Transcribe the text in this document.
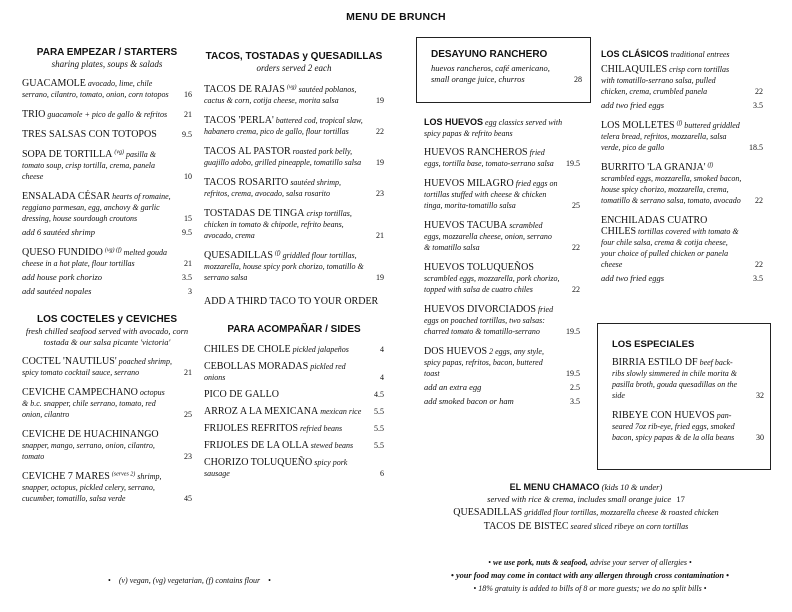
MENU DE BRUNCH
PARA EMPEZAR / STARTERS
sharing plates, soups & salads
GUACAMOLE avocado, lime, chile serrano, cilantro, tomato, onion, corn totopos 16
TRIO guacamole + pico de gallo & refritos 21
TRES SALSAS CON TOTOPOS	9.5
SOPA DE TORTILLA $^{(vg)}$ pasilla & tomato soup, crisp tortilla, crema, panela cheese	10
ENSALADA CÉSAR hearts of romaine, reggiano parmesan, egg, anchovy & garlic dressing, house sourdough croutons	15
add 6 sautéed shrimp	9.5
QUESO FUNDIDO $^{(vg) (f)}$ melted gouda cheese in a hot plate, flour tortillas	21
add house pork chorizo	3.5
add sautéed nopales	3
LOS COCTELES y CEVICHES
fresh chilled seafood served with avocado, corn tostada & our salsa picante 'victoria'
COCTEL 'NAUTILUS' poached shrimp, spicy tomato cocktail sauce, serrano	21
CEVICHE CAMPECHANO octopus & b.c. snapper, chile serrano, tomato, red onion, cilantro	25
CEVICHE DE HUACHINANGO snapper, mango, serrano, onion, cilantro, tomato	23
CEVICHE 7 MARES $^{(serves 2)}$ shrimp, snapper, octopus, pickled celery, serrano, cucumber, tomatillo, salsa verde	45
TACOS, TOSTADAS y QUESADILLAS
orders served 2 each
TACOS DE RAJAS $^{(vg)}$ sautéed poblanos, cactus & corn, cotija cheese, morita salsa	19
TACOS 'PERLA' battered cod, tropical slaw, habanero crema, pico de gallo, flour tortillas	22
TACOS AL PASTOR roasted pork belly, guajillo adobo, grilled pineapple, tomatillo salsa 19
TACOS ROSARITO sautéed shrimp, refritos, crema, avocado, salsa rosarito	23
TOSTADAS DE TINGA crisp tortillas, chicken in tomato & chipotle, refrito beans, avocado, crema	21
QUESADILLAS $^{(f)}$ griddled flour tortillas, mozzarella, house spicy pork chorizo, tomatillo & serrano salsa	19
ADD A THIRD TACO TO YOUR ORDER
PARA ACOMPAÑAR / SIDES
CHILES DE CHOLE pickled jalapeños	4
CEBOLLAS MORADAS pickled red onions	4
PICO DE GALLO	4.5
ARROZ A LA MEXICANA mexican rice 5.5
FRIJOLES REFRITOS refried beans	5.5
FRIJOLES DE LA OLLA stewed beans	5.5
CHORIZO TOLUQUEÑO spicy pork sausage	6
DESAYUNO RANCHERO
huevos rancheros, café americano, small orange juice, churros	28
LOS HUEVOS egg classics served with spicy papas & refrito beans
HUEVOS RANCHEROS fried eggs, tortilla base, tomato-serrano salsa 19.5
HUEVOS MILAGRO fried eggs on tortillas stuffed with cheese & chicken tinga, morita-tomatillo salsa	25
HUEVOS TACUBA scrambled eggs, mozzarella cheese, onion, serrano & tomatillo salsa	22
HUEVOS TOLUQUEÑOS scrambled eggs, mozzarella, pork chorizo, topped with salsa de cuatro chiles	22
HUEVOS DIVORCIADOS fried eggs on poached tortillas, two salsas: charred tomato & tomatillo-serrano	19.5
DOS HUEVOS 2 eggs, any style, spicy papas, refritos, bacon, buttered toast	19.5
add an extra egg	2.5
add smoked bacon or ham	3.5
LOS CLÁSICOS traditional entrees
CHILAQUILES crisp corn tortillas with tomatillo-serrano salsa, pulled chicken, crema, crumbled panela	22
add two fried eggs	3.5
LOS MOLLETES $^{(f)}$ buttered griddled telera bread, refritos, mozzarella, salsa verde, pico de gallo	18.5
BURRITO 'LA GRANJA' $^{(f)}$ scrambled eggs, mozzarella, smoked bacon, house spicy chorizo, mozzarella, crema, tomatillo & serrano salsa, tomato, avocado 22
ENCHILADAS CUATRO CHILES tortillas covered with tomato & four chile salsa, crema & cotija cheese, your choice of pulled chicken or panela cheese	22
add two fried eggs	3.5
LOS ESPECIALES
BIRRIA ESTILO DF beef back-ribs slowly simmered in chile morita & pasilla broth, gouda quesadillas on the side	32
RIBEYE CON HUEVOS pan-seared 7oz rib-eye, fried eggs, smoked bacon, spicy papas & de la olla beans	30
EL MENU CHAMACO (kids 10 & under)
served with rice & crema, includes small orange juice 17
QUESADILLAS griddled flour tortillas, mozzarella cheese & roasted chicken
TACOS DE BISTEC seared sliced ribeye on corn tortillas
• (v) vegan, (vg) vegetarian, (f) contains flour •
• we use pork, nuts & seafood, advise your server of allergies •
• your food may come in contact with any allergen through cross contamination •
• 18% gratuity is added to bills of 8 or more guests; we do no split bills •
